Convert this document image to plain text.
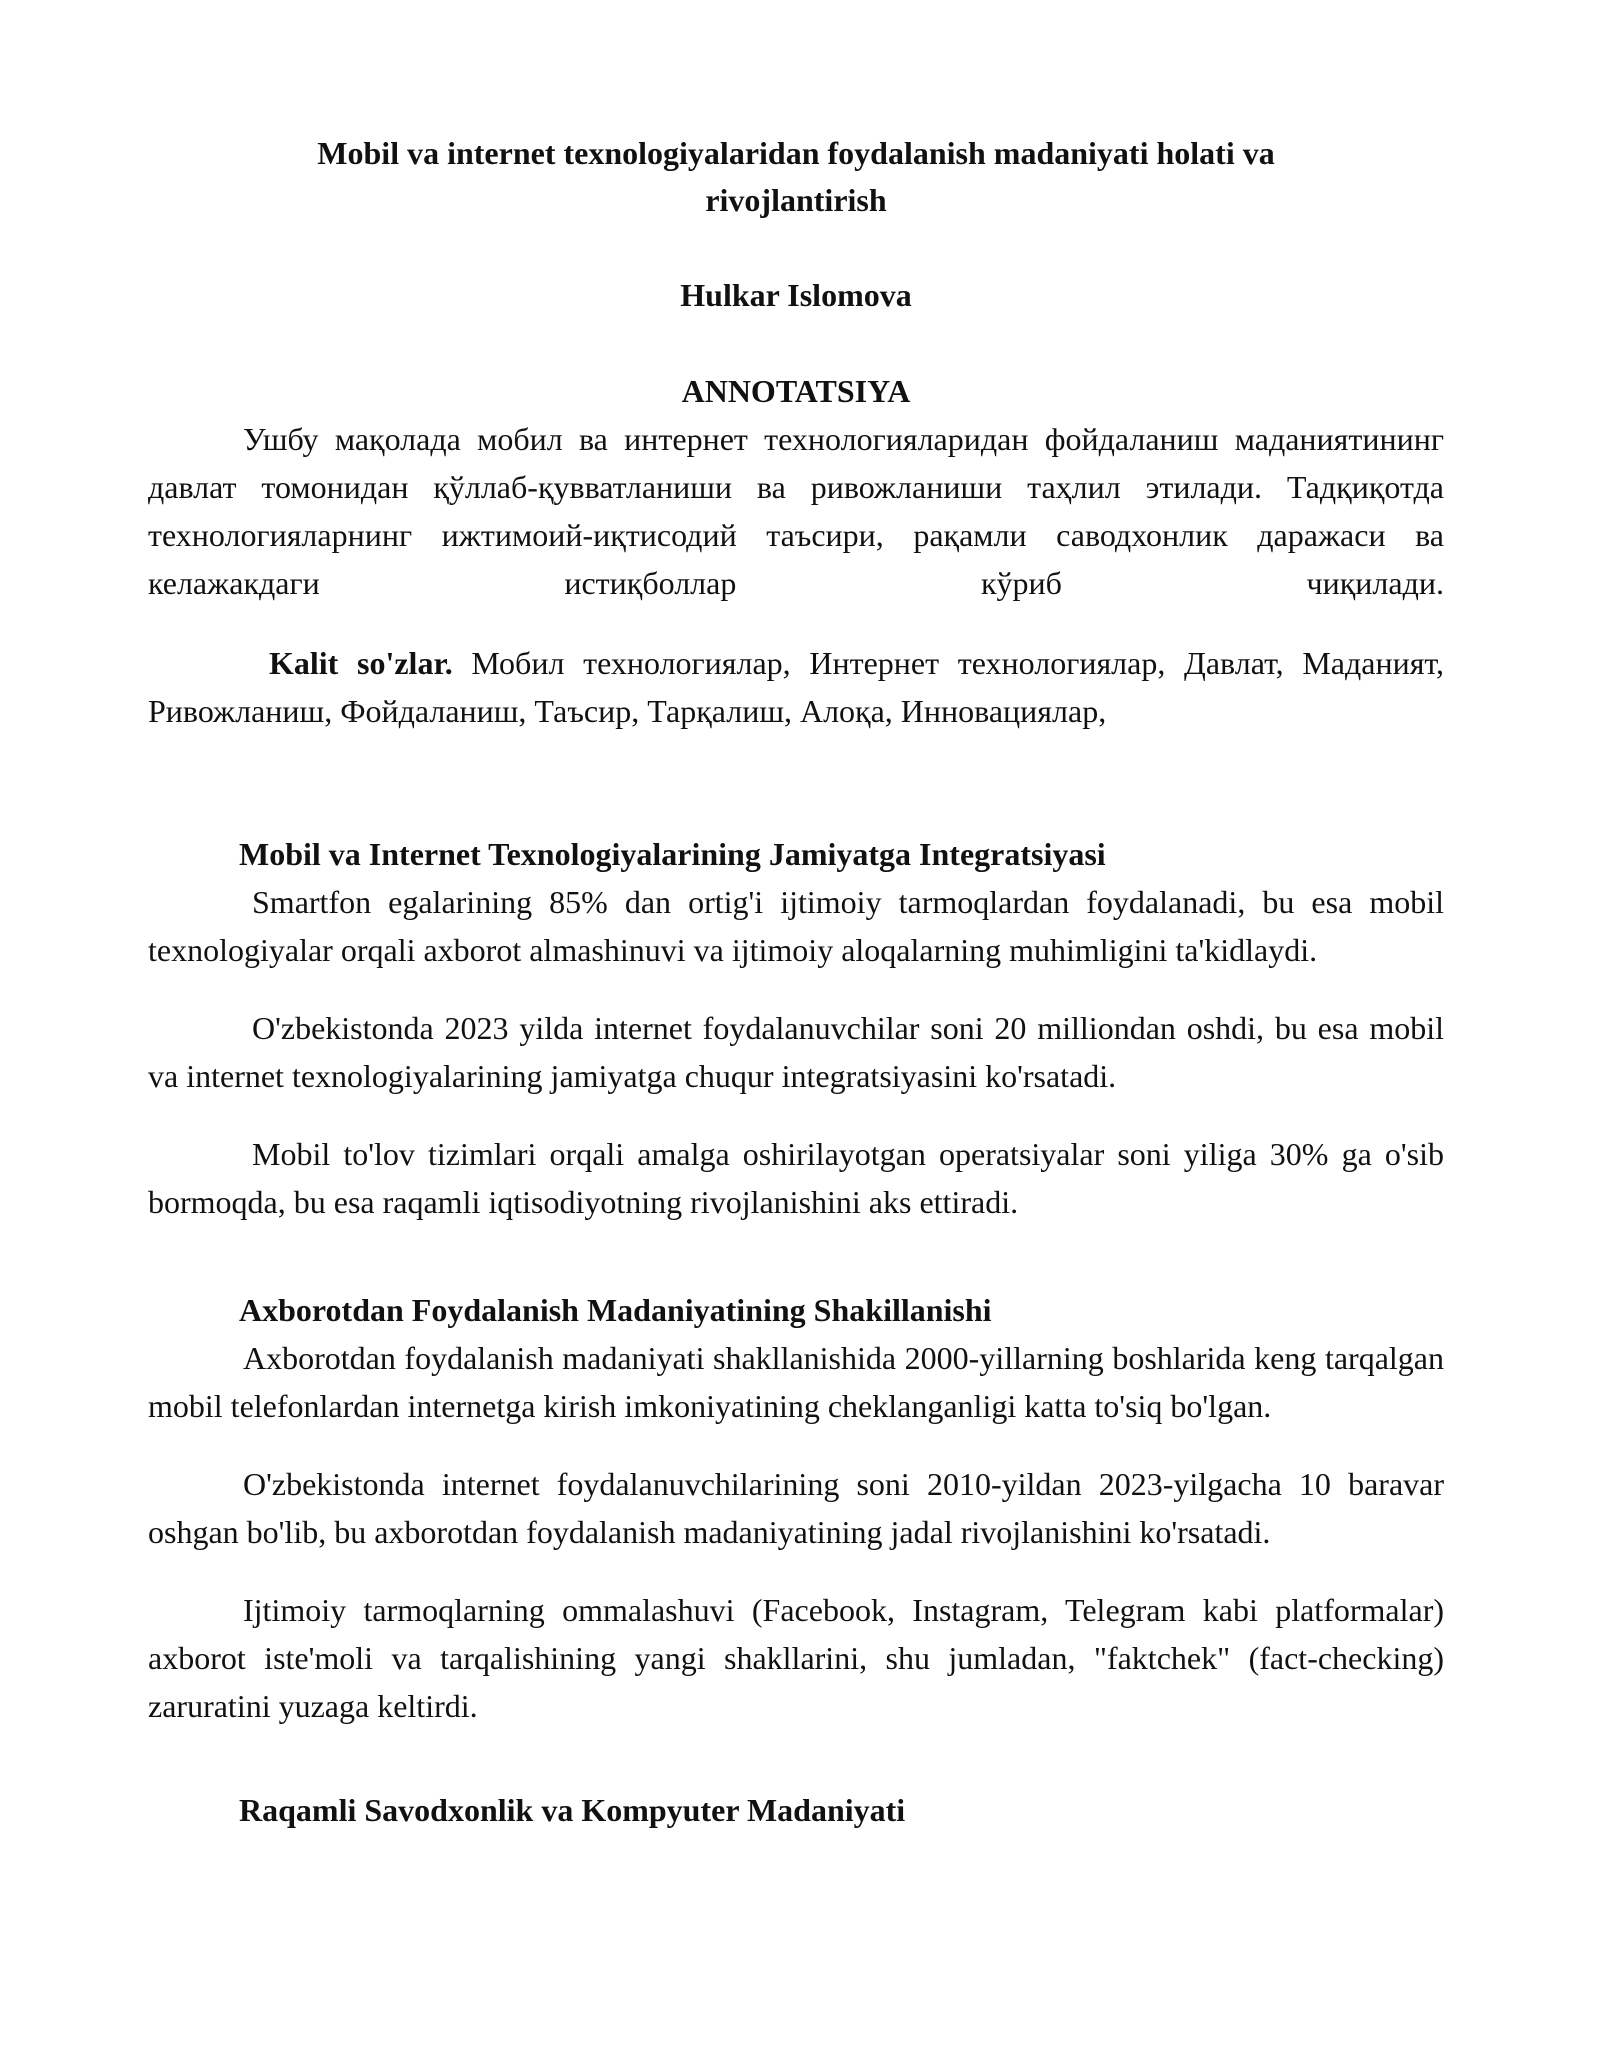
Mobil va internet texnologiyalaridan foydalanish madaniyati holati va rivojlantirish
Hulkar Islomova
ANNOTATSIYA

Ушбу мақолада мобил ва интернет технологияларидан фойдаланиш маданиятининг давлат томонидан қўллаб-қувватланиши ва ривожланиши таҳлил этилади. Тадқиқотда технологияларнинг ижтимоий-иқтисодий таъсири, рақамли саводхонлик даражаси ва келажакдаги истиқболлар кўриб чиқилади.

Kalit so'zlar. Мобил технологиялар, Интернет технологиялар, Давлат, Маданият, Ривожланиш, Фойдаланиш, Таъсир, Тарқалиш, Алоқа, Инновациялар,

Mobil va Internet Texnologiyalarining Jamiyatga Integratsiyasi

Smartfon egalarining 85% dan ortig'i ijtimoiy tarmoqlardan foydalanadi, bu esa mobil texnologiyalar orqali axborot almashinuvi va ijtimoiy aloqalarning muhimligini ta'kidlaydi.

O'zbekistonda 2023 yilda internet foydalanuvchilar soni 20 milliondan oshdi, bu esa mobil va internet texnologiyalarining jamiyatga chuqur integratsiyasini ko'rsatadi.

Mobil to'lov tizimlari orqali amalga oshirilayotgan operatsiyalar soni yiliga 30% ga o'sib bormoqda, bu esa raqamli iqtisodiyotning rivojlanishini aks ettiradi.

Axborotdan Foydalanish Madaniyatining Shakillanishi

Axborotdan foydalanish madaniyati shakllanishida 2000-yillarning boshlarida keng tarqalgan mobil telefonlardan internetga kirish imkoniyatining cheklanganligi katta to'siq bo'lgan.

O'zbekistonda internet foydalanuvchilarining soni 2010-yildan 2023-yilgacha 10 baravar oshgan bo'lib, bu axborotdan foydalanish madaniyatining jadal rivojlanishini ko'rsatadi.

Ijtimoiy tarmoqlarning ommalashuvi (Facebook, Instagram, Telegram kabi platformalar) axborot iste'moli va tarqalishining yangi shakllarini, shu jumladan, "faktchek" (fact-checking) zaruratini yuzaga keltirdi.

Raqamli Savodxonlik va Kompyuter Madaniyati
